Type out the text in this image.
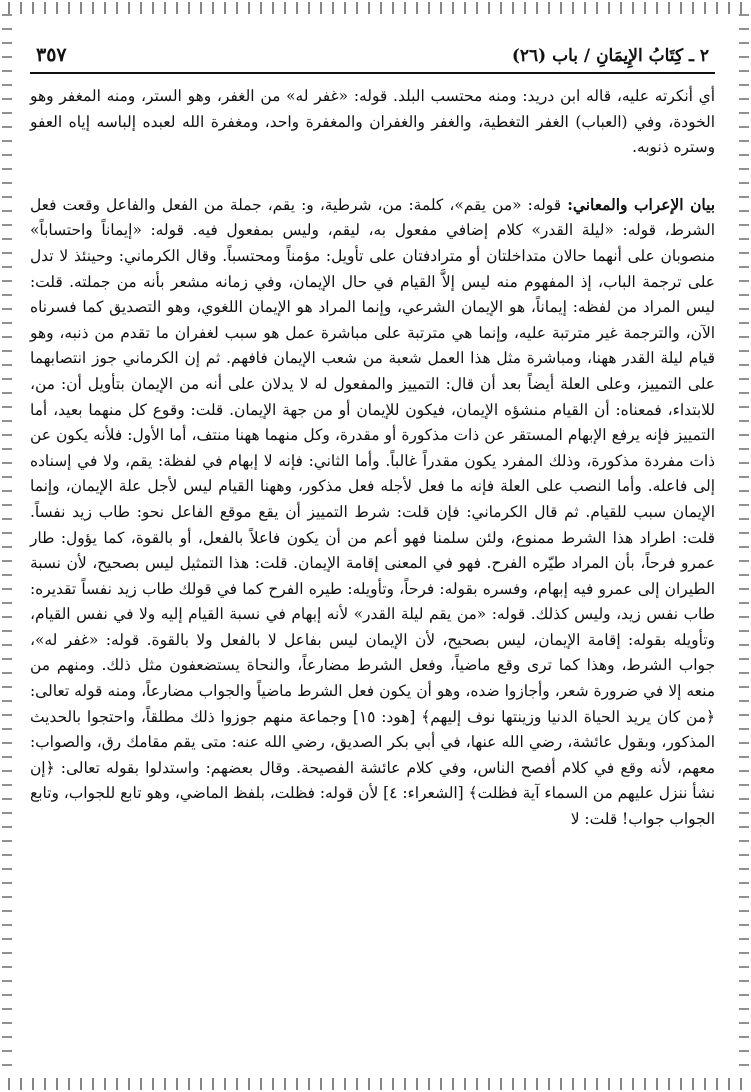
٢ ـ كِتَابُ الإِيمَانِ / باب (٢٦)
٣٥٧

أي أنكرته عليه، قاله ابن دريد: ومنه محتسب البلد. قوله: «غفر له» من الغفر، وهو الستر، ومنه المغفر وهو الخودة، وفي (العباب) الغفر التغطية، والغفر والغفران والمغفرة واحد، ومغفرة الله لعبده إلباسه إياه العفو وستره ذنوبه.

بيان الإعراب والمعاني: قوله: «من يقم»، كلمة: من، شرطية، و: يقم، جملة من الفعل والفاعل وقعت فعل الشرط، قوله: «ليلة القدر» كلام إضافي مفعول به، ليقم، وليس بمفعول فيه. قوله: «إيماناً واحتساباً» منصوبان على أنهما حالان متداخلتان أو مترادفتان على تأويل: مؤمناً ومحتسباً. وقال الكرماني: وحينئذ لا تدل على ترجمة الباب، إذ المفهوم منه ليس إلاَّ القيام في حال الإيمان، وفي زمانه مشعر بأنه من جملته. قلت: ليس المراد من لفظه: إيماناً، هو الإيمان الشرعي، وإنما المراد هو الإيمان اللغوي، وهو التصديق كما فسرناه الآن، والترجمة غير مترتبة عليه، وإنما هي مترتبة على مباشرة عمل هو سبب لغفران ما تقدم من ذنبه، وهو قيام ليلة القدر ههنا، ومباشرة مثل هذا العمل شعبة من شعب الإيمان فافهم. ثم إن الكرماني جوز انتصابهما على التمييز، وعلى العلة أيضاً بعد أن قال: التمييز والمفعول له لا يدلان على أنه من الإيمان بتأويل أن: من، للابتداء، فمعناه: أن القيام منشؤه الإيمان، فيكون للإيمان أو من جهة الإيمان. قلت: وقوع كل منهما بعيد، أما التمييز فإنه يرفع الإبهام المستقر عن ذات مذكورة أو مقدرة، وكل منهما ههنا منتف، أما الأول: فلأنه يكون عن ذات مفردة مذكورة، وذلك المفرد يكون مقدراً غالباً. وأما الثاني: فإنه لا إبهام في لفظة: يقم، ولا في إسناده إلى فاعله. وأما النصب على العلة فإنه ما فعل لأجله فعل مذكور، وههنا القيام ليس لأجل علة الإيمان، وإنما الإيمان سبب للقيام. ثم قال الكرماني: فإن قلت: شرط التمييز أن يقع موقع الفاعل نحو: طاب زيد نفساً. قلت: اطراد هذا الشرط ممنوع، ولئن سلمنا فهو أعم من أن يكون فاعلاً بالفعل، أو بالقوة، كما يؤول: طار عمرو فرحاً، بأن المراد طيّره الفرح. فهو في المعنى إقامة الإيمان. قلت: هذا التمثيل ليس بصحيح، لأن نسبة الطيران إلى عمرو فيه إبهام، وفسره بقوله: فرحاً، وتأويله: طيره الفرح كما في قولك طاب زيد نفساً تقديره: طاب نفس زيد، وليس كذلك. قوله: «من يقم ليلة القدر» لأنه إبهام في نسبة القيام إليه ولا في نفس القيام، وتأويله بقوله: إقامة الإيمان، ليس بصحيح، لأن الإيمان ليس بفاعل لا بالفعل ولا بالقوة. قوله: «غفر له»، جواب الشرط، وهذا كما ترى وقع ماضياً، وفعل الشرط مضارعاً، والنحاة يستضعفون مثل ذلك. ومنهم من منعه إلا في ضرورة شعر، وأجازوا ضده، وهو أن يكون فعل الشرط ماضياً والجواب مضارعاً، ومنه قوله تعالى: ﴿من كان يريد الحياة الدنيا وزينتها نوف إليهم﴾ [هود: ١٥] وجماعة منهم جوزوا ذلك مطلقاً، واحتجوا بالحديث المذكور، وبقول عائشة، رضي الله عنها، في أبي بكر الصديق، رضي الله عنه: متى يقم مقامك رق، والصواب: معهم، لأنه وقع في كلام أفصح الناس، وفي كلام عائشة الفصيحة. وقال بعضهم: واستدلوا بقوله تعالى: ﴿إن نشأ ننزل عليهم من السماء آية فظلت﴾ [الشعراء: ٤] لأن قوله: فظلت، بلفظ الماضي، وهو تابع للجواب، وتابع الجواب جواب! قلت: لا
